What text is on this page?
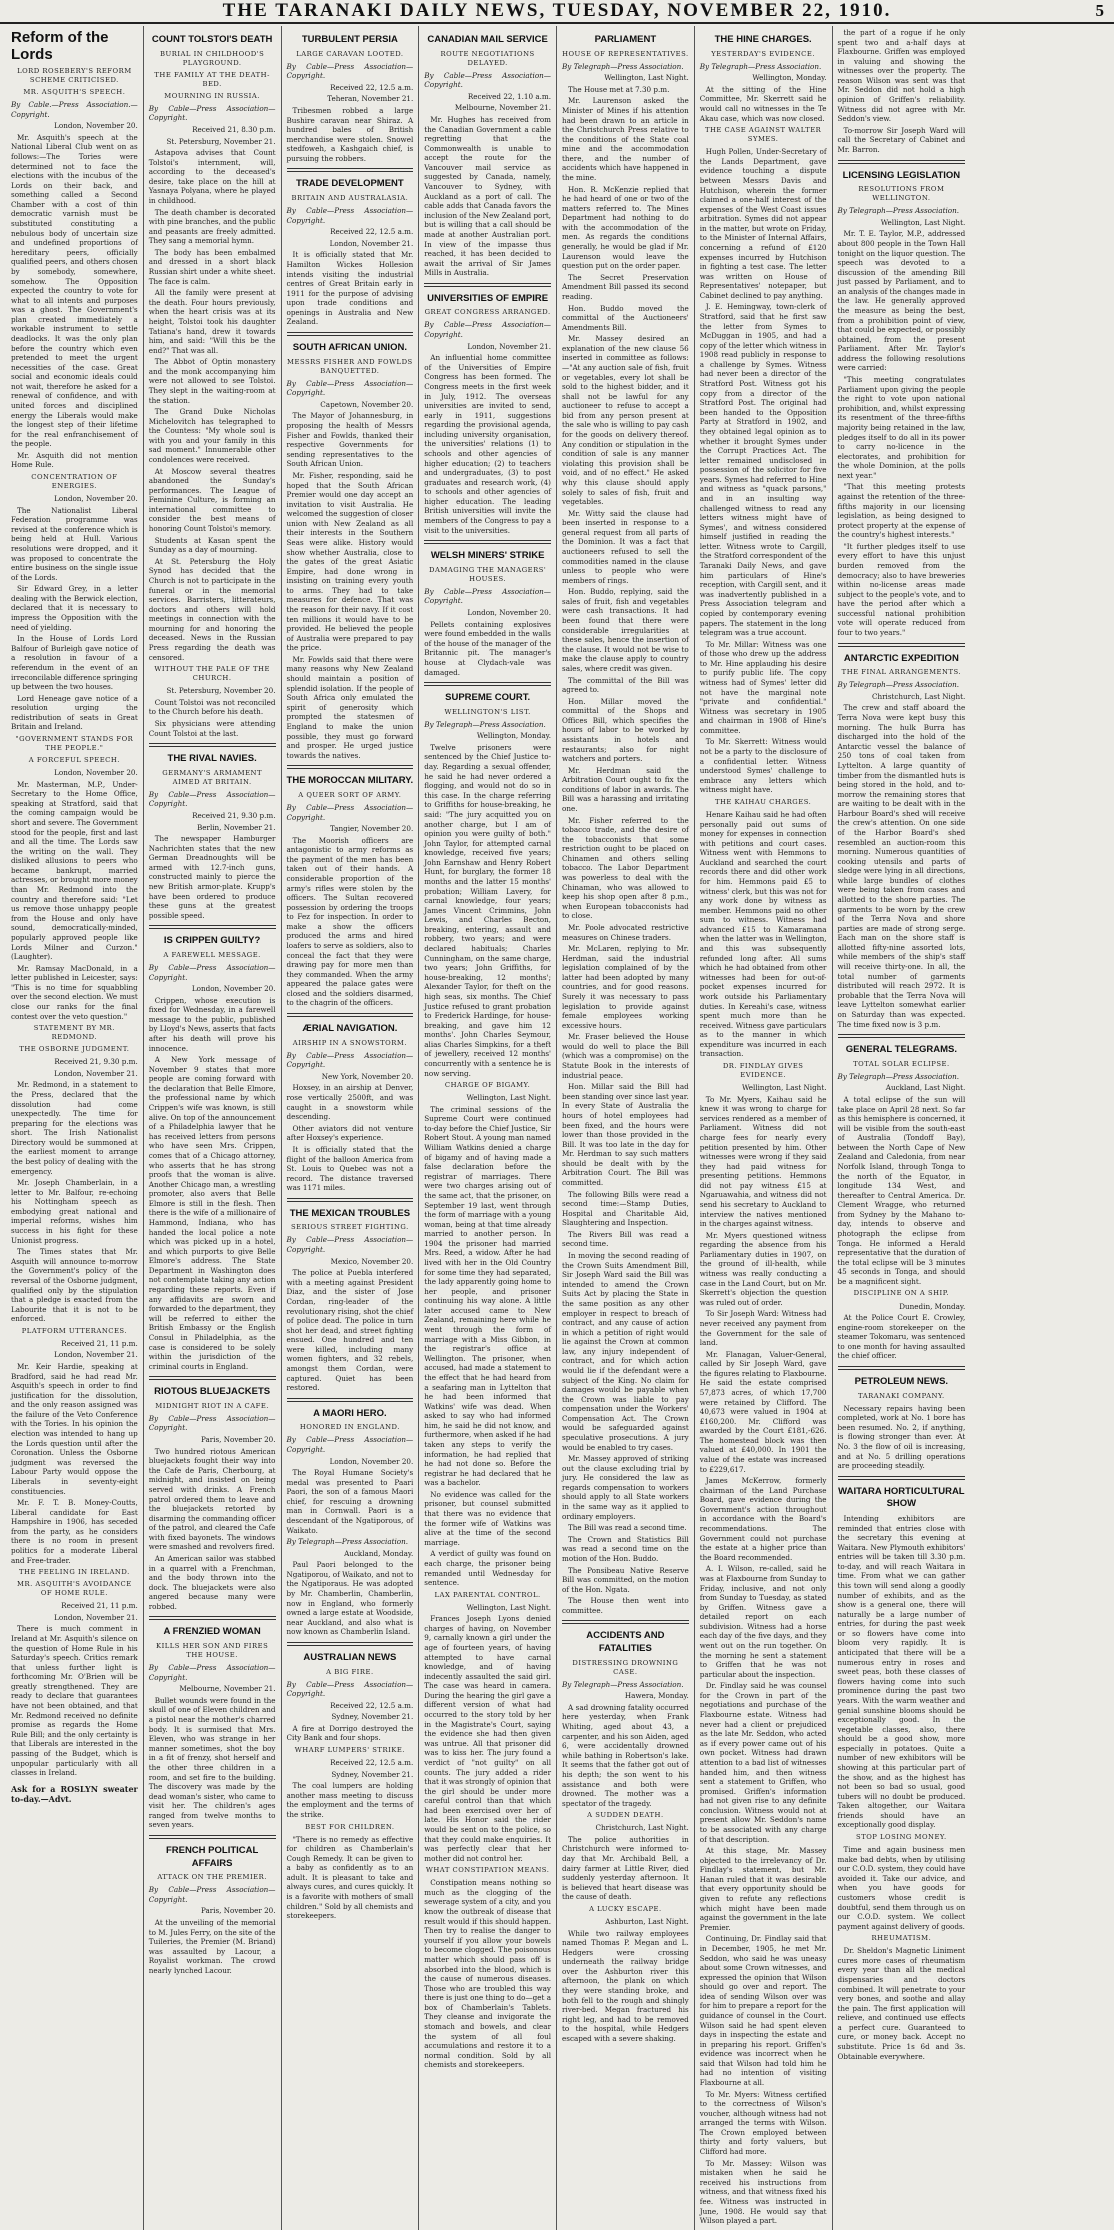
THE TARANAKI DAILY NEWS, TUESDAY, NOVEMBER 22, 1910.	5
Reform of the Lords
LORD ROSEBERY'S REFORM SCHEME CRITICISED.
MR. ASQUITH'S SPEECH.

By Cable.—Press Association.—Copyright.

London, November 20.

Mr. Asquith's speech at the National Liberal Club went on as follows:—The Tories were determined not to face the elections with the incubus of the Lords on their back, and something called a Second Chamber with a cost of thin democratic varnish must be substituted constituting a nebulous body of uncertain size and undefined proportions of hereditary peers, officially qualified peers, and others chosen by somebody, somewhere, somehow. The Opposition expected the country to vote for what to all intents and purposes was a ghost. The Government's plan created immediately a workable instrument to settle deadlocks. It was the only plan before the country which even pretended to meet the urgent necessities of the case. Great social and economic ideals could not wait, therefore he asked for a renewal of confidence, and with united forces and disciplined energy the Liberals would make the longest step of their lifetime for the real enfranchisement of the people.

Mr. Asquith did not mention Home Rule.

CONCENTRATION OF ENERGIES.

London, November 20.

The Nationalist Liberal Federation programme was revised at the conference which is being held at Hull. Various resolutions were dropped, and it was proposed to concentrate the entire business on the single issue of the Lords.

Sir Edward Grey, in a letter dealing with the Berwick election, declared that it is necessary to impress the Opposition with the need of yielding.

In the House of Lords Lord Balfour of Burleigh gave notice of a resolution in favour of a referendum in the event of an irreconcilable difference springing up between the two houses.

Lord Heneage gave notice of a resolution urging the redistribution of seats in Great Britain and Ireland.

"GOVERNMENT STANDS FOR THE PEOPLE."
A FORCEFUL SPEECH.

London, November 20.

Mr. Masterman, M.P., Under-Secretary to the Home Office, speaking at Stratford, said that the coming campaign would be short and severe. The Government stood for the people, first and last and all the time. The Lords saw the writing on the wall. They disliked allusions to peers who became bankrupt, married actresses, or brought more money than Mr. Redmond into the country and therefore said: "Let us remove those unhappy people from the House and only have sound, democratically-minded, popularly approved people like Lords Milner and Curzon." (Laughter).

Mr. Ramsay MacDonald, in a letter published in Leicester, says: "This is no time for squabbling over the second election. We must close our ranks for the final contest over the veto question."

STATEMENT BY MR. REDMOND.
THE OSBORNE JUDGMENT.

Received 21, 9.30 p.m.

London, November 21.

Mr. Redmond, in a statement to the Press, declared that the dissolution had come unexpectedly. The time for preparing for the elections was short. The Irish Nationalist Directory would be summoned at the earliest moment to arrange the best policy of dealing with the emergency.

Mr. Joseph Chamberlain, in a letter to Mr. Balfour, re-echoing his Nottingham speech as embodying great national and imperial reforms, wishes him success in his fight for these Unionist progress.

The Times states that Mr. Asquith will announce to-morrow the Government's policy of the reversal of the Osborne judgment, qualified only by the stipulation that a pledge is exacted from the Labourite that it is not to be enforced.

PLATFORM UTTERANCES.

Received 21, 11 p.m.

London, November 21.

Mr. Keir Hardie, speaking at Bradford, said he had read Mr. Asquith's speech in order to find justification for the dissolution, and the only reason assigned was the failure of the Veto Conference with the Tories. In his opinion the election was intended to hang up the Lords question until after the Coronation. Unless the Osborne judgment was reversed the Labour Party would oppose the Liberals in seventy-eight constituencies.

Mr. F. T. B. Money-Coutts, Liberal candidate for East Hampshire in 1906, has seceded from the party, as he considers there is no room in present politics for a moderate Liberal and Free-trader.

THE FEELING IN IRELAND.
MR. ASQUITH'S AVOIDANCE OF HOME RULE.

Received 21, 11 p.m.

London, November 21.

There is much comment in Ireland at Mr. Asquith's silence on the question of Home Rule in his Saturday's speech. Critics remark that unless further light is forthcoming Mr. O'Brien will be greatly strengthened. They are ready to declare that guarantees have not been obtained, and that Mr. Redmond received no definite promise as regards the Home Rule Bill; and the only certainty is that Liberals are interested in the passing of the Budget, which is unpopular particularly with all classes in Ireland.

Ask for a ROSLYN sweater to-day.—Advt.

COUNT TOLSTOI'S DEATH
BURIAL IN CHILDHOOD'S PLAYGROUND.
THE FAMILY AT THE DEATH-BED.
MOURNING IN RUSSIA.

By Cable—Press Association—Copyright.

Received 21, 8.30 p.m.

St. Petersburg, November 21.

Astapova advises that Count Tolstoi's internment, will, according to the deceased's desire, take place on the hill at Yasnaya Polyana, where he played in childhood.

The death chamber is decorated with pine branches, and the public and peasants are freely admitted. They sang a memorial hymn.

The body has been embalmed and dressed in a short black Russian shirt under a white sheet. The face is calm.

All the family were present at the death. Four hours previously, when the heart crisis was at its height, Tolstoi took his daughter Tatiana's hand, drew it towards him, and said: "Will this be the end?" That was all.

The Abbot of Optin monastery and the monk accompanying him were not allowed to see Tolstoi. They slept in the waiting-room at the station.

The Grand Duke Nicholas Michelovitch has telegraphed to the Countess: "My whole soul is with you and your family in this sad moment." Innumerable other condolences were received.

At Moscow several theatres abandoned the Sunday's performances. The League of Feminine Culture, is forming an international committee to consider the best means of honoring Count Tolstoi's memory.

Students at Kasan spent the Sunday as a day of mourning.

At St. Petersburg the Holy Synod has decided that the Church is not to participate in the funeral or in the memorial services. Barristers, litterateurs, doctors and others will hold meetings in connection with the mourning for and honoring the deceased. News in the Russian Press regarding the death was censored.

WITHOUT THE PALE OF THE CHURCH.

St. Petersburg, November 20.

Count Tolstoi was not reconciled to the Church before his death.

Six physicians were attending Count Tolstoi at the last.

THE RIVAL NAVIES.
GERMANY'S ARMAMENT AIMED AT BRITAIN.

By Cable—Press Association—Copyright.

Received 21, 9.30 p.m.

Berlin, November 21.

The newspaper Hamburger Nachrichten states that the new German Dreadnoughts will be armed with 12.7-inch guns, constructed mainly to pierce the new British armor-plate. Krupp's have been ordered to produce these guns at the greatest possible speed.

IS CRIPPEN GUILTY?
A FAREWELL MESSAGE.

By Cable—Press Association—Copyright.

London, November 20.

Crippen, whose execution is fixed for Wednesday, in a farewell message to the public, published by Lloyd's News, asserts that facts after his death will prove his innocence.

A New York message of November 9 states that more people are coming forward with the declaration that Belle Elmore, the professional name by which Crippen's wife was known, is still alive. On top of the announcement of a Philadelphia lawyer that he has received letters from persons who have seen Mrs. Crippen, comes that of a Chicago attorney, who asserts that he has strong proofs that the woman is alive. Another Chicago man, a wrestling promoter, also avers that Belle Elmore is still in the flesh. Then there is the wife of a millionaire of Hammond, Indiana, who has handed the local police a note which was picked up in a hotel, and which purports to give Belle Elmore's address. The State Department in Washington does not contemplate taking any action regarding these reports. Even if any affidavits are sworn and forwarded to the department, they will be referred to either the British Embassy or the English Consul in Philadelphia, as the case is considered to be solely within the jurisdiction of the criminal courts in England.

RIOTOUS BLUEJACKETS
MIDNIGHT RIOT IN A CAFE.

By Cable—Press Association—Copyright.

Paris, November 20.

Two hundred riotous American bluejackets fought their way into the Cafe de Paris, Cherbourg, at midnight, and insisted on being served with drinks. A French patrol ordered them to leave and the bluejackets retorted by disarming the commanding officer of the patrol, and cleared the Cafe with fixed bayonets. The windows were smashed and revolvers fired.

An American sailor was stabbed in a quarrel with a Frenchman, and the body thrown into the dock. The bluejackets were also angered because many were robbed.

A FRENZIED WOMAN
KILLS HER SON AND FIRES THE HOUSE.

By Cable—Press Association—Copyright.

Melbourne, November 21.

Bullet wounds were found in the skull of one of Eleven children and a pistol near the mother's charred body. It is surmised that Mrs. Eleven, who was strange in her manner sometimes, shot the boy in a fit of frenzy, shot herself and the other three children in a room, and set fire to the building. The discovery was made by the dead woman's sister, who came to visit her. The children's ages ranged from twelve months to seven years.

FRENCH POLITICAL AFFAIRS
ATTACK ON THE PREMIER.

By Cable—Press Association—Copyright.

Paris, November 20.

At the unveiling of the memorial to M. Jules Ferry, on the site of the Tuileries, the Premier (M. Briand) was assaulted by Lacour, a Royalist workman. The crowd nearly lynched Lacour.

TURBULENT PERSIA
LARGE CARAVAN LOOTED.

By Cable—Press Association—Copyright.

Received 22, 12.5 a.m.

Teheran, November 21.

Tribesmen robbed a large Bushire caravan near Shiraz. A hundred bales of British merchandise were stolen. Snowel stedfoweh, a Kashgaich chief, is pursuing the robbers.

TRADE DEVELOPMENT
BRITAIN AND AUSTRALASIA.

By Cable—Press Association—Copyright.

Received 22, 12.5 a.m.

London, November 21.

It is officially stated that Mr. Hamilton Wickes Hollesion intends visiting the industrial centres of Great Britain early in 1911 for the purpose of advising upon trade conditions and openings in Australia and New Zealand.

SOUTH AFRICAN UNION.
MESSRS FISHER AND FOWLDS BANQUETTED.

By Cable—Press Association—Copyright.

Capetown, November 20.

The Mayor of Johannesburg, in proposing the health of Messrs Fisher and Fowlds, thanked their respective Governments for sending representatives to the South African Union.

Mr. Fisher, responding, said he hoped that the South African Premier would one day accept an invitation to visit Australia. He welcomed the suggestion of closer union with New Zealand as all their interests in the Southern Seas were alike. History would show whether Australia, close to the gates of the great Asiatic Empire, had done wrong in insisting on training every youth to arms. They had to take measures for defence. That was the reason for their navy. If it cost ten millions it would have to be provided. He believed the people of Australia were prepared to pay the price.

Mr. Fowlds said that there were many reasons why New Zealand should maintain a position of splendid isolation. If the people of South Africa only emulated the spirit of generosity which prompted the statesmen of England to make the union possible, they must go forward and prosper. He urged justice towards the natives.

THE MOROCCAN MILITARY.
A QUEER SORT OF ARMY.

By Cable—Press Association—Copyright.

Tangier, November 20.

The Moorish officers are antagonistic to army reforms as the payment of the men has been taken out of their hands. A considerable proportion of the army's rifles were stolen by the officers. The Sultan recovered possession by ordering the troops to Fez for inspection. In order to make a show the officers produced the arms and hired loafers to serve as soldiers, also to conceal the fact that they were drawing pay for more men than they commanded. When the army appeared the palace gates were closed and the soldiers disarmed, to the chagrin of the officers.

ÆRIAL NAVIGATION.
AIRSHIP IN A SNOWSTORM.

By Cable—Press Association—Copyright.

New York, November 20.

Hoxsey, in an airship at Denver, rose vertically 2500ft, and was caught in a snowstorm while descending.

Other aviators did not venture after Hoxsey's experience.

It is officially stated that the flight of the balloon America from St. Louis to Quebec was not a record. The distance traversed was 1171 miles.

THE MEXICAN TROUBLES
SERIOUS STREET FIGHTING.

By Cable—Press Association—Copyright.

Mexico, November 20.

The police at Puebla interfered with a meeting against President Diaz, and the sister of Jose Cordan, ring-leader of the revolutionary rising, shot the chief of police dead. The police in turn shot her dead, and street fighting ensued. One hundred and ten were killed, including many women fighters, and 32 rebels, amongst them Cordan, were captured. Quiet has been restored.

A MAORI HERO.
HONORED IN ENGLAND.

By Cable—Press Association—Copyright.

London, November 20.

The Royal Humane Society's medal was presented to Paari Paori, the son of a famous Maori chief, for rescuing a drowning man in Cornwall. Paori is a descendant of the Ngatiporous, of Waikato.

By Telegraph—Press Association.

Auckland, Monday.

Paul Paori belonged to the Ngatiporou, of Waikato, and not to the Ngatiporaus. He was adopted by Mr. Chamberlin, Chamberlin, now in England, who formerly owned a large estate at Woodside, near Auckland, and also what is now known as Chamberlin Island.

AUSTRALIAN NEWS
A BIG FIRE.

By Cable—Press Association—Copyright.

Received 22, 12.5 a.m.

Sydney, November 21.

A fire at Dorrigo destroyed the City Bank and four shops.

WHARF LUMPERS' STRIKE.

Received 22, 12.5 a.m.

Sydney, November 21.

The coal lumpers are holding another mass meeting to discuss the employment and the terms of the strike.

BEST FOR CHILDREN.

"There is no remedy as effective for children as Chamberlain's Cough Remedy. It can be given to a baby as confidently as to an adult. It is pleasant to take and always cures, and cures quickly. It is a favorite with mothers of small children." Sold by all chemists and storekeepers.

CANADIAN MAIL SERVICE
ROUTE NEGOTIATIONS DELAYED.

By Cable—Press Association—Copyright.

Received 22, 1.10 a.m.

Melbourne, November 21.

Mr. Hughes has received from the Canadian Government a cable regretting that the Commonwealth is unable to accept the route for the Vancouver mail service as suggested by Canada, namely, Vancouver to Sydney, with Auckland as a port of call. The cable adds that Canada favors the inclusion of the New Zealand port, but is willing that a call should be made at another Australian port. In view of the impasse thus reached, it has been decided to await the arrival of Sir James Mills in Australia.

UNIVERSITIES OF EMPIRE
GREAT CONGRESS ARRANGED.

By Cable—Press Association—Copyright.

London, November 21.

An influential home committee of the Universities of Empire Congress has been formed. The Congress meets in the first week in July, 1912. The overseas universities are invited to send, early in 1911, suggestions regarding the provisional agenda, including university organisation, the universities' relations (1) to schools and other agencies of higher education; (2) to teachers and undergraduates, (3) to post graduates and research work, (4) to schools and other agencies of higher education. The leading British universities will invite the members of the Congress to pay a visit to the universities.

WELSH MINERS' STRIKE
DAMAGING THE MANAGERS' HOUSES.

By Cable—Press Association—Copyright.

London, November 20.

Pellets containing explosives were found embedded in the walls of the house of the manager of the Britannic pit. The manager's house at Clydach-vale was damaged.

SUPREME COURT.
WELLINGTON'S LIST.

By Telegraph—Press Association.

Wellington, Monday.

Twelve prisoners were sentenced by the Chief Justice to-day. Regarding a sexual offender, he said he had never ordered a flogging, and would not do so in this case. In the charge referring to Griffiths for house-breaking, he said: "The jury acquitted you on another charge, but I am of opinion you were guilty of both." John Taylor, for attempted carnal knowledge, received five years; John Earnshaw and Henry Robert Hunt, for burglary, the former 18 months and the latter 15 months' probation; William Lavery, for carnal knowledge, four years; James Vincent Crimmins, John Lewis, and Charles Becton, breaking, entering, assault and robbery, two years; and were declared habituals; Charles Cunningham, on the same charge, two years; John Griffiths, for house-breaking, 12 months'; Alexander Taylor, for theft on the high seas, six months. The Chief Justice refused to grant probation to Frederick Hardinge, for house-breaking, and gave him 12 months'. John Charles Seymour, alias Charles Simpkins, for a theft of jewellery, received 12 months' concurrently with a sentence he is now serving.

CHARGE OF BIGAMY.

Wellington, Last Night.

The criminal sessions of the Supreme Court were continued to-day before the Chief Justice, Sir Robert Stout. A young man named William Watkins denied a charge of bigamy and of having made a false declaration before the registrar of marriages. There were two charges arising out of the same act, that the prisoner, on September 19 last, went through the form of marriage with a young woman, being at that time already married to another person. In 1904 the prisoner had married Mrs. Reed, a widow. After he had lived with her in the Old Country for some time they had separated, the lady apparently going home to her people, and prisoner continuing his way alone. A little later accused came to New Zealand, remaining here while he went through the form of marriage with a Miss Gibbon, in the registrar's office at Wellington. The prisoner, when accused, had made a statement to the effect that he had heard from a seafaring man in Lyttelton that he had been informed that Watkins' wife was dead. When asked to say who had informed him, he said he did not know, and furthermore, when asked if he had taken any steps to verify the information, he had replied that he had not done so. Before the registrar he had declared that he was a bachelor.

No evidence was called for the prisoner, but counsel submitted that there was no evidence that the former wife of Watkins was alive at the time of the second marriage.

A verdict of guilty was found on each charge, the prisoner being remanded until Wednesday for sentence.

LAX PARENTAL CONTROL.

Wellington, Last Night.

Frances Joseph Lyons denied charges of having, on November 9, carnally known a girl under the age of fourteen years, of having attempted to have carnal knowledge, and of having indecently assaulted the said girl. The case was heard in camera. During the hearing the girl gave a different version of what had occurred to the story told by her in the Magistrate's Court, saying the evidence she had then given was untrue. All that prisoner did was to kiss her. The jury found a verdict of "not guilty" on all counts. The jury added a rider that it was strongly of opinion that the girl should be under more careful control than that which had been exercised over her of late. His Honor said the rider would be sent on to the police, so that they could make enquiries. It was perfectly clear that her mother did not control her.

WHAT CONSTIPATION MEANS.

Constipation means nothing so much as the clogging of the sewerage system of a city, and you know the outbreak of disease that result would if this should happen. Then try to realise the danger to yourself if you allow your bowels to become clogged. The poisonous matter which should pass off is absorbed into the blood, which is the cause of numerous diseases. Those who are troubled this way there is just one thing to do—get a box of Chamberlain's Tablets. They cleanse and invigorate the stomach and bowels, and clear the system of all foul accumulations and restore it to a normal condition. Sold by all chemists and storekeepers.

PARLIAMENT
HOUSE OF REPRESENTATIVES.

By Telegraph—Press Association.

Wellington, Last Night.

The House met at 7.30 p.m.

Mr. Laurenson asked the Minister of Mines if his attention had been drawn to an article in the Christchurch Press relative to the conditions of the State coal mine and the accommodation there, and the number of accidents which have happened in the mine.

Hon. R. McKenzie replied that he had heard of one or two of the matters referred to. The Mines Department had nothing to do with the accommodation of the men. As regards the conditions generally, he would be glad if Mr. Laurenson would leave the question put on the order paper.

The Secret Preservation Amendment Bill passed its second reading.

Hon. Buddo moved the committal of the Auctioneers' Amendments Bill.

Mr. Massey desired an explanation of the new clause 56 inserted in committee as follows:—"At any auction sale of fish, fruit or vegetables, every lot shall be sold to the highest bidder, and it shall not be lawful for any auctioneer to refuse to accept a bid from any person present at the sale who is willing to pay cash for the goods on delivery thereof. Any condition or stipulation in the condition of sale is any manner violating this provision shall be void, and of no effect." He asked why this clause should apply solely to sales of fish, fruit and vegetables.

Mr. Witty said the clause had been inserted in response to a general request from all parts of the Dominion. It was a fact that auctioneers refused to sell the commodities named in the clause unless to people who were members of rings.

Hon. Buddo, replying, said the sales of fruit, fish and vegetables were cash transactions. It had been found that there were considerable irregularities at these sales, hence the insertion of the clause. It would not be wise to make the clause apply to country sales, where credit was given.

The committal of the Bill was agreed to.

Hon. Millar moved the committal of the Shops and Offices Bill, which specifies the hours of labor to be worked by assistants in hotels and restaurants; also for night watchers and porters.

Mr. Herdman said the Arbitration Court ought to fix the conditions of labor in awards. The Bill was a harassing and irritating one.

Mr. Fisher referred to the tobacco trade, and the desire of the tobacconists that some restriction ought to be placed on Chinamen and others selling tobacco. The Labor Department was powerless to deal with the Chinaman, who was allowed to keep his shop open after 8 p.m., when European tobacconists had to close.

Mr. Poole advocated restrictive measures on Chinese traders.

Mr. McLaren, replying to Mr. Herdman, said the industrial legislation complained of by the latter had been adopted by many countries, and for good reasons. Surely it was necessary to pass legislation to provide against female employees working excessive hours.

Mr. Fraser believed the House would do well to place the Bill (which was a compromise) on the Statute Book in the interests of industrial peace.

Hon. Millar said the Bill had been standing over since last year. In every State of Australia the hours of hotel employees had been fixed, and the hours were lower than those provided in the Bill. It was too late in the day for Mr. Herdman to say such matters should be dealt with by the Arbitration Court. The Bill was committed.

The following Bills were read a second time:—Stamp Duties, Hospital and Charitable Aid, Slaughtering and Inspection.

The Rivers Bill was read a second time.

In moving the second reading of the Crown Suits Amendment Bill, Sir Joseph Ward said the Bill was intended to amend the Crown Suits Act by placing the State in the same position as any other employer in respect to breach of contract, and any cause of action in which a petition of right would lie against the Crown at common law, any injury independent of contract, and for which action would lie if the defendant were a subject of the King. No claim for damages would be payable when the Crown was liable to pay compensation under the Workers' Compensation Act. The Crown would be safeguarded against speculative prosecutions. A jury would be enabled to try cases.

Mr. Massey approved of striking out the clause excluding trial by jury. He considered the law as regards compensation to workers should apply to all State workers in the same way as it applied to ordinary employers.

The Bill was read a second time.

The Crown and Statistics Bill was read a second time on the motion of the Hon. Buddo.

The Ponsibeau Native Reserve Bill was committed, on the motion of the Hon. Ngata.

The House then went into committee.

ACCIDENTS AND FATALITIES
DISTRESSING DROWNING CASE.

By Telegraph—Press Association.

Hawera, Monday.

A sad drowning fatality occurred here yesterday, when Frank Whiting, aged about 43, a carpenter, and his son Aiden, aged 6, were accidentally drowned while bathing in Robertson's lake. It seems that the father got out of his depth; the son went to his assistance and both were drowned. The mother was a spectator of the tragedy.

A SUDDEN DEATH.

Christchurch, Last Night.

The police authorities in Christchurch were informed to-day that Mr. Archibald Bell, a dairy farmer at Little River, died suddenly yesterday afternoon. It is believed that heart disease was the cause of death.

A LUCKY ESCAPE.

Ashburton, Last Night.

While two railway employees named Thomas P. Megan and L. Hedgers were crossing underneath the railway bridge over the Ashburton river this afternoon, the plank on which they were standing broke, and both fell to the rough and shingly river-bed. Megan fractured his right leg, and had to be removed to the hospital, while Hedgers escaped with a severe shaking.

THE HINE CHARGES.
YESTERDAY'S EVIDENCE.

By Telegraph—Press Association.

Wellington, Monday.

At the sitting of the Hine Committee, Mr. Skerrett said he would call no witnesses in the Te Akau case, which was now closed.

THE CASE AGAINST WALTER SYMES.

Hugh Pollen, Under-Secretary of the Lands Department, gave evidence touching a dispute between Messrs Davis and Hutchison, wherein the former claimed a one-half interest of the expenses of the West Coast issues arbitration. Symes did not appear in the matter, but wrote on Friday, to the Minister of Internal Affairs, concerning a refund of £120 expenses incurred by Hutchison in fighting a test case. The letter was written on House of Representatives' notepaper, but Cabinet declined to pay anything.

J. E. Hemingway, town-clerk of Stratford, said that he first saw the letter from Symes to McDuggan in 1905, and had a copy of the letter which witness in 1908 read publicly in response to a challenge by Symes. Witness had never been a director of the Stratford Post. Witness got his copy from a director of the Stratford Post. The original had been handed to the Opposition Party at Stratford in 1902, and they obtained legal opinion as to whether it brought Symes under the Corrupt Practices Act. The letter remained undisclosed in possession of the solicitor for five years. Symes had referred to Hine and witness as "quack parsons," and in an insulting way challenged witness to read any letters witness might have of Symes', and witness considered himself justified in reading the letter. Witness wrote to Cargill, the Stratford correspondent of the Taranaki Daily News, and gave him particulars of Hine's reception, with Cargill sent, and it was inadvertently published in a Press Association telegram and copied by contemporary evening papers. The statement in the long telegram was a true account.

To Mr. Millar: Witness was one of those who drew up the address to Mr. Hine applauding his desire to purify public life. The copy witness had of Symes' letter did not have the marginal note "private and confidential." Witness was secretary in 1905 and chairman in 1908 of Hine's committee.

To Mr. Skerrett: Witness would not be a party to the disclosure of a confidential letter. Witness understood Symes' challenge to embrace any letters which witness might have.

THE KAIHAU CHARGES.

Henare Kaihau said he had often personally paid out sums of money for expenses in connection with petitions and court cases. Witness went with Hemmons to Auckland and searched the court records there and did other work for him. Hemmons paid £5 to witness' clerk, but this was not for any work done by witness as member. Hemmons paid no other sum to witness. Witness had advanced £15 to Kamaramana when the latter was in Wellington, and this was subsequently refunded long after. All sums which he had obtained from other witnesses had been for out-of-pocket expenses incurred for work outside his Parliamentary duties. In Kereahi's case, witness spent much more than he received. Witness gave particulars as to the manner in which expenditure was incurred in each transaction.

DR. FINDLAY GIVES EVIDENCE.

Wellington, Last Night.

To Mr. Myers, Kaihau said he knew it was wrong to charge for services rendered as a member of Parliament. Witness did not charge fees for nearly every petition presented by him. Other witnesses were wrong if they said they had paid witness for presenting petitions. Hemmons did not pay witness £15 at Ngaruawahia, and witness did not send his secretary to Auckland to interview the natives mentioned in the charges against witness.

Mr. Myers questioned witness regarding the absence from his Parliamentary duties in 1907, on the ground of ill-health, while witness was really conducting a case in the Land Court, but on Mr. Skerrett's objection the question was ruled out of order.

To Sir Joseph Ward: Witness had never received any payment from the Government for the sale of land.

Mr. Flanagan, Valuer-General, called by Sir Joseph Ward, gave the figures relating to Flaxbourne. He said the estate comprised 57,873 acres, of which 17,700 were retained by Clifford. The 40,673 were valued in 1904 at £160,200. Mr. Clifford was awarded by the Court £181,-626. The homestead block was then valued at £40,000. In 1901 the value of the estate was increased to £229,617.

James McKerrow, formerly chairman of the Land Purchase Board, gave evidence during the Government's action throughout in accordance with the Board's recommendations. The Government could not purchase the estate at a higher price than the Board recommended.

A. I. Wilson, re-called, said he was at Flaxbourne from Sunday to Friday, inclusive, and not only from Sunday to Tuesday, as stated by Griffen. Witness gave a detailed report on each subdivision. Witness had a horse each day of the five days, and they went out on the run together. On the morning he sent a statement to Griffen that he was not particular about the inspection.

Dr. Findlay said he was counsel for the Crown in part of the negotiations and purchase of the Flaxbourne estate. Witness had never had a client or prejudiced as the late Mr. Seddon, who acted as if every power came out of his own pocket. Witness had drawn attention to a bad list of witnesses handed him, and then witness sent a statement to Griffen, who promised. Griffen's information had not given rise to any definite conclusion. Witness would not at present allow Mr. Seddon's name to be associated with any charge of that description.

At this stage, Mr. Massey objected to the irrelevancy of Dr. Findlay's statement, but Mr. Hanan ruled that it was desirable that every opportunity should be given to refute any reflections which might have been made against the government in the late Premier.

Continuing, Dr. Findlay said that in December, 1905, he met Mr. Seddon, who said he was uneasy about some Crown witnesses, and expressed the opinion that Wilson should go over and report. The idea of sending Wilson over was for him to prepare a report for the guidance of counsel in the Court. Wilson said he had spent eleven days in inspecting the estate and in preparing his report. Griffen's evidence was incorrect when he said that Wilson had told him he had no intention of visiting Flaxbourne at all.

To Mr. Myers: Witness certified to the correctness of Wilson's voucher, although witness had not arranged the terms with Wilson. The Crown employed between thirty and forty valuers, but Clifford had more.

To Mr. Massey: Wilson was mistaken when he said he received his instructions from witness, and that witness fixed his fee. Witness was instructed in June, 1908. He would say that Wilson played a part.

the part of a rogue if he only spent two and a-half days at Flaxbourne. Griffen was employed in valuing and showing the witnesses over the property. The reason Wilson was sent was that Mr. Seddon did not hold a high opinion of Griffen's reliability. Witness did not agree with Mr. Seddon's view.

To-morrow Sir Joseph Ward will call the Secretary of Cabinet and Mr. Barron.

LICENSING LEGISLATION
RESOLUTIONS FROM WELLINGTON.

By Telegraph—Press Association.

Wellington, Last Night.

Mr. T. E. Taylor, M.P., addressed about 800 people in the Town Hall tonight on the liquor question. The speech was devoted to a discussion of the amending Bill just passed by Parliament, and to an analysis of the changes made in the law. He generally approved the measure as being the best, from a prohibition point of view, that could be expected, or possibly obtained, from the present Parliament. After Mr. Taylor's address the following resolutions were carried:

"This meeting congratulates Parliament upon giving the people the right to vote upon national prohibition, and, whilst expressing its resentment of the three-fifths majority being retained in the law, pledges itself to do all in its power to carry no-licence in the electorates, and prohibition for the whole Dominion, at the polls next year."

"That this meeting protests against the retention of the three-fifths majority in our licensing legislation, as being designed to protect property at the expense of the country's highest interests."

"It further pledges itself to use every effort to have this unjust burden removed from the democracy; also to have breweries within no-license areas made subject to the people's vote, and to have the period after which a successful national prohibition vote will operate reduced from four to two years."

ANTARCTIC EXPEDITION
THE FINAL ARRANGEMENTS.

By Telegraph—Press Association.

Christchurch, Last Night.

The crew and staff aboard the Terra Nova were kept busy this morning. The hulk Burra has discharged into the hold of the Antarctic vessel the balance of 250 tons of coal taken from Lyttelton. A large quantity of timber from the dismantled huts is being stored in the hold, and to-morrow the remaining stores that are waiting to be dealt with in the Harbour Board's shed will receive the crew's attention. On one side of the Harbor Board's shed resembled an auction-room this morning. Numerous quantities of cooking utensils and parts of sledge were lying in all directions, while large bundles of clothes were being taken from cases and allotted to the shore parties. The garments to be worn by the crew of the Terra Nova and shore parties are made of strong serge. Each man on the shore staff is allotted fifty-nine assorted lots, while members of the ship's staff will receive thirty-one. In all, the total number of garments distributed will reach 2972. It is probable that the Terra Nova will leave Lyttelton somewhat earlier on Saturday than was expected. The time fixed now is 3 p.m.

GENERAL TELEGRAMS.
TOTAL SOLAR ECLIPSE.

By Telegraph—Press Association.

Auckland, Last Night.

A total eclipse of the sun will take place on April 28 next. So far as this hemisphere is concerned, it will be visible from the south-east of Australia (Tondoff Bay), between the North Cape of New Zealand and Caledonia, from near Norfolk Island, through Tonga to the north of the Equator, in longitude 134 West, and thereafter to Central America. Dr. Clement Wragge, who returned from Sydney by the Mahano to-day, intends to observe and photograph the eclipse from Tonga. He informed a Herald representative that the duration of the total eclipse will be 3 minutes 45 seconds in Tonga, and should be a magnificent sight.

DISCIPLINE ON A SHIP.

Dunedin, Monday.

At the Police Court E. Crowley, engine-room storekeeper on the steamer Tokomaru, was sentenced to one month for having assaulted the chief officer.

PETROLEUM NEWS.
TARANAKI COMPANY.

Necessary repairs having been completed, work at No. 1 bore has been resumed. No. 2, if anything, is flowing stronger than ever. At No. 3 the flow of oil is increasing, and at No. 5 drilling operations are proceeding steadily.

WAITARA HORTICULTURAL SHOW

Intending exhibitors are reminded that entries close with the secretary this evening at Waitara. New Plymouth exhibitors' entries will be taken till 3.30 p.m. to-day, and will reach Waitara in time. From what we can gather this town will send along a goodly number of exhibits, and as the show is a general one, there will naturally be a large number of entries, for during the past week or so flowers have come into bloom very rapidly. It is anticipated that there will be a numerous entry in roses and sweet peas, both these classes of flowers having come into such prominence during the past two years. With the warm weather and genial sunshine blooms should be exceptionally good. In the vegetable classes, also, there should be a good show, more especially in potatoes. Quite a number of new exhibitors will be showing at this particular part of the show, and as the highest has not been so bad so usual, good tubers will no doubt be produced. Taken altogether, our Waitara friends should have an exceptionally good display.

STOP LOSING MONEY.

Time and again business men make bad debts, when by utilising our C.O.D. system, they could have avoided it. Take our advice, and when you have goods for customers whose credit is doubtful, send them through us on our C.O.D. system. We collect payment against delivery of goods.

RHEUMATISM.

Dr. Sheldon's Magnetic Liniment cures more cases of rheumatism every year than all the medical dispensaries and doctors combined. It will penetrate to your very bones, and soothe and allay the pain. The first application will relieve, and continued use effects a perfect cure. Guaranteed to cure, or money back. Accept no substitute. Price 1s 6d and 3s. Obtainable everywhere.
